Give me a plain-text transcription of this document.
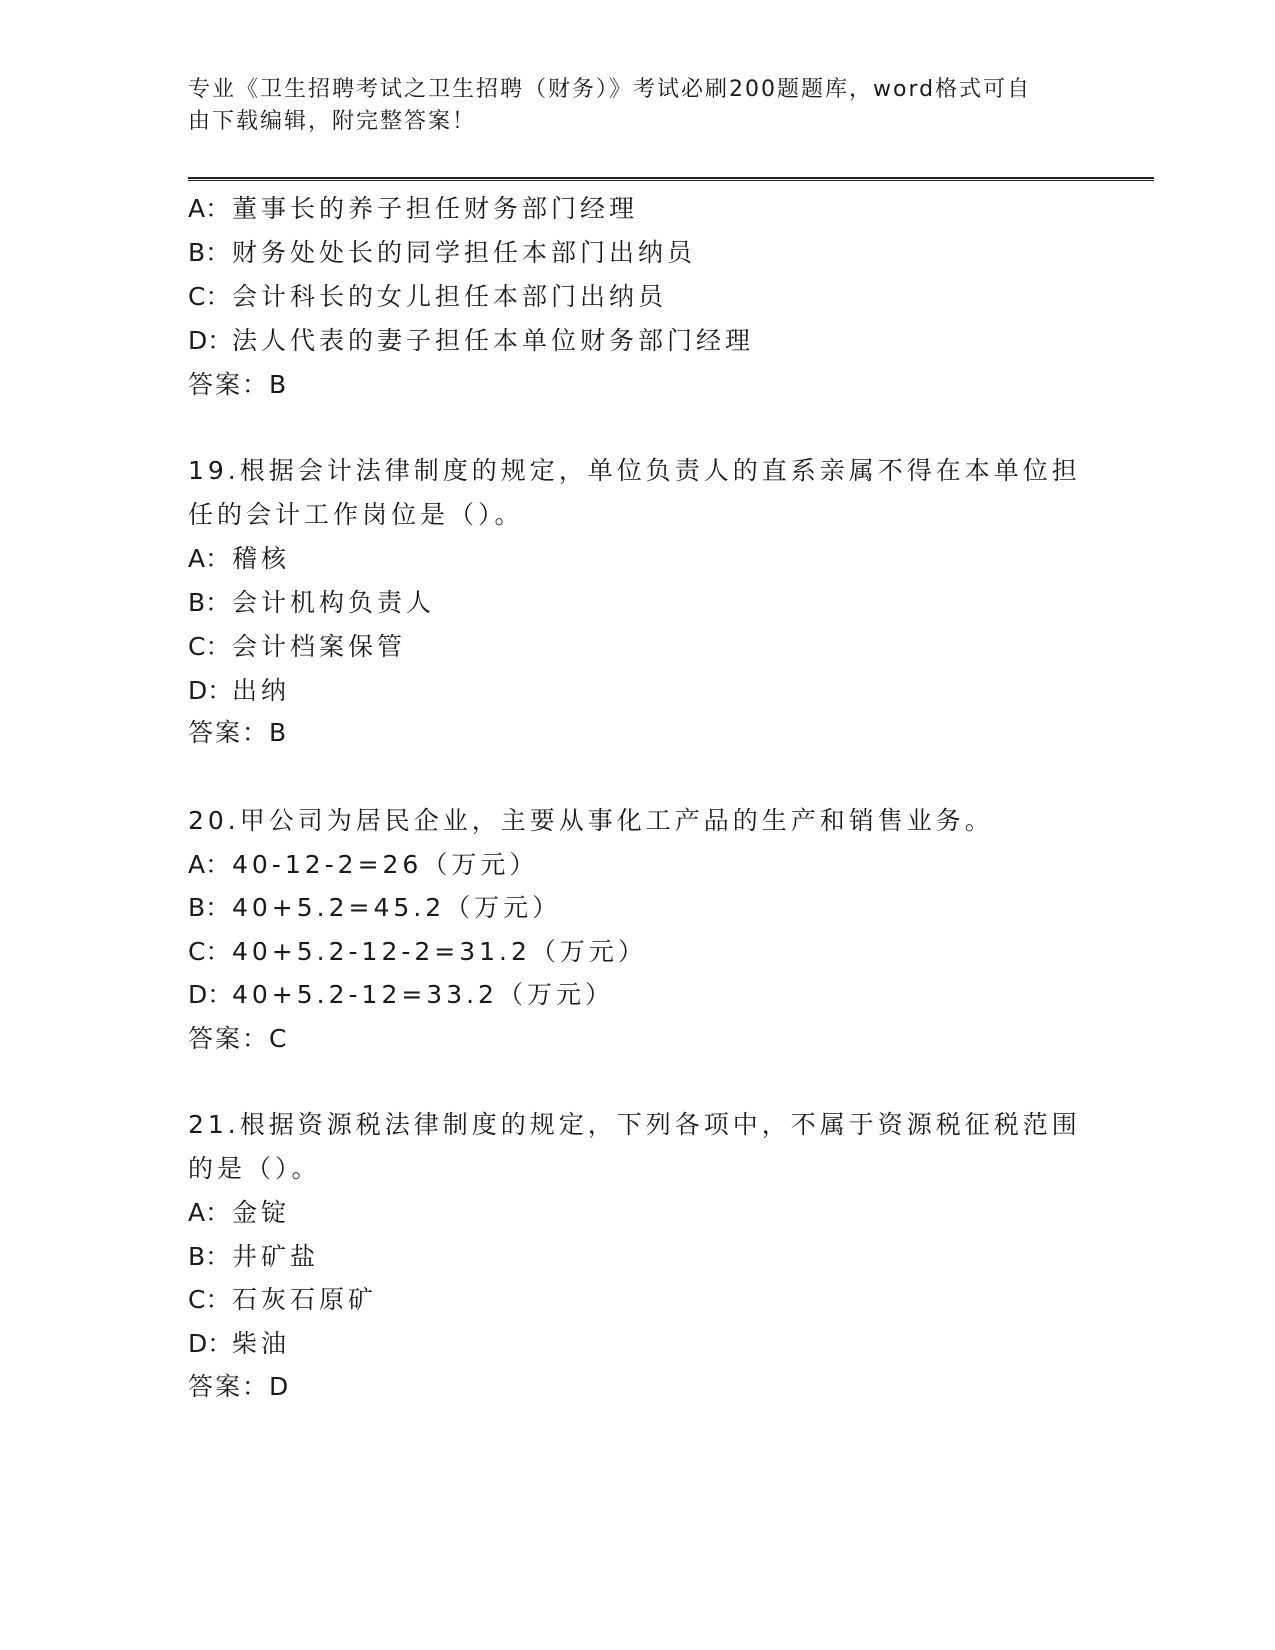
专业《卫生招聘考试之卫生招聘（财务）》考试必刷200题题库，word格式可自
由下载编辑，附完整答案！
A：董事长的养子担任财务部门经理
B：财务处处长的同学担任本部门出纳员
C：会计科长的女儿担任本部门出纳员
D：法人代表的妻子担任本单位财务部门经理
答案：B
19.根据会计法律制度的规定，单位负责人的直系亲属不得在本单位担
任的会计工作岗位是（）。
A：稽核
B：会计机构负责人
C：会计档案保管
D：出纳
答案：B
20.甲公司为居民企业，主要从事化工产品的生产和销售业务。
A：40-12-2=26（万元）
B：40+5.2=45.2（万元）
C：40+5.2-12-2=31.2（万元）
D：40+5.2-12=33.2（万元）
答案：C
21.根据资源税法律制度的规定，下列各项中，不属于资源税征税范围
的是（）。
A：金锭
B：井矿盐
C：石灰石原矿
D：柴油
答案：D
